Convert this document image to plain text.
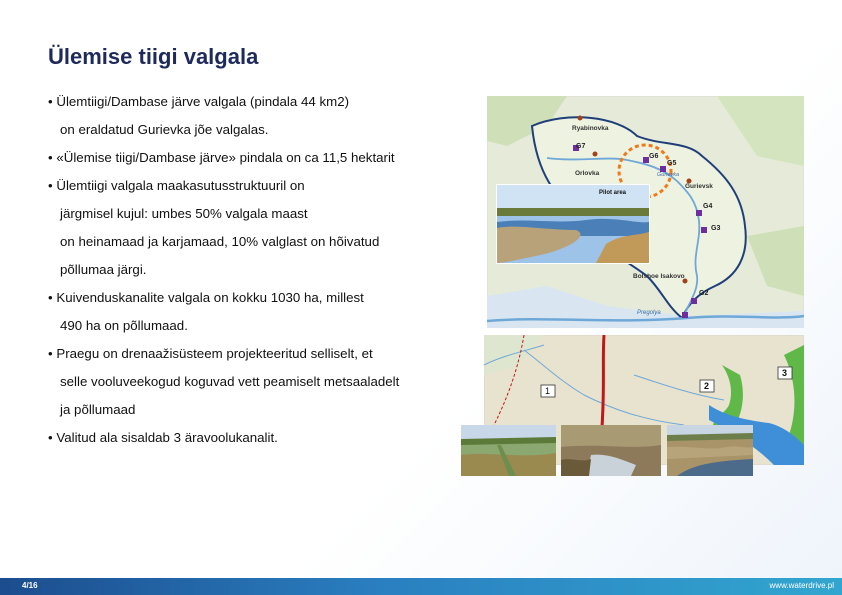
Ülemise tiigi valgala
• Ülemtiigi/Dambase järve valgala (pindala 44 km2)
on eraldatud Gurievka jõe valgalas.
• «Ülemise tiigi/Dambase järve» pindala on ca 11,5 hektarit
• Ülemtiigi valgala maakasutusstruktuuril on
järgmisel kujul: umbes 50% valgala maast
on heinamaad ja karjamaad, 10% valglast on hõivatud
põllumaa järgi.
• Kuivenduskanalite valgala on kokku 1030 ha, millest
490 ha on põllumaad.
• Praegu on drenaažisüsteem projekteeritud selliselt, et
selle vooluveekogud koguvad vett peamiselt metsaaladelt
ja põllumaad
• Valitud ala sisaldab 3 äravoolukanalit.
Ryabinovka
Orlovka
Gurievsk
Bolshoe Isakovo
Pregolya
Gurievka
G7
G6
G5
G4
G3
G2
Pilot area
1	2
3
4/16	www.waterdrive.pl
